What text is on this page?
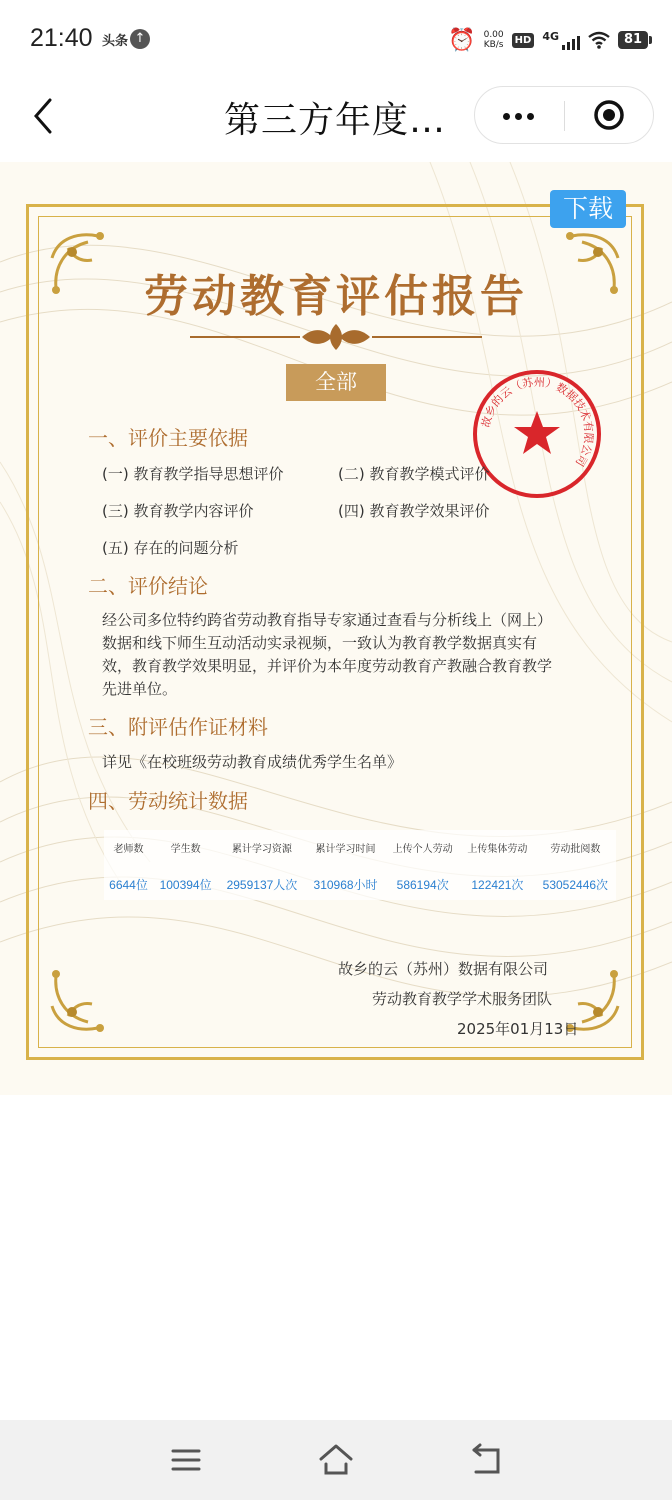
21:40 头条 ↑	⏰ 0.00
KB/s	HD 4G	81
第三方年度…
下载
劳动教育评估报告
全部
故乡的云（苏州）数据技术有限公司
一、评价主要依据
(一) 教育教学指导思想评价	(二) 教育教学模式评价
(三) 教育教学内容评价	(四) 教育教学效果评价
(五) 存在的问题分析
二、评价结论
经公司多位特约跨省劳动教育指导专家通过查看与分析线上（网上）数据和线下师生互动活动实录视频，一致认为教育教学数据真实有效，教育教学效果明显，并评价为本年度劳动教育产教融合教育教学先进单位。
三、附评估作证材料
详见《在校班级劳动教育成绩优秀学生名单》
四、劳动统计数据
老师数	学生数	累计学习资源	累计学习时间	上传个人劳动	上传集体劳动	劳动批阅数
6644位	100394位	2959137人次	310968小时	586194次	122421次	53052446次
故乡的云（苏州）数据有限公司
劳动教育教学学术服务团队
2025年01月13日
